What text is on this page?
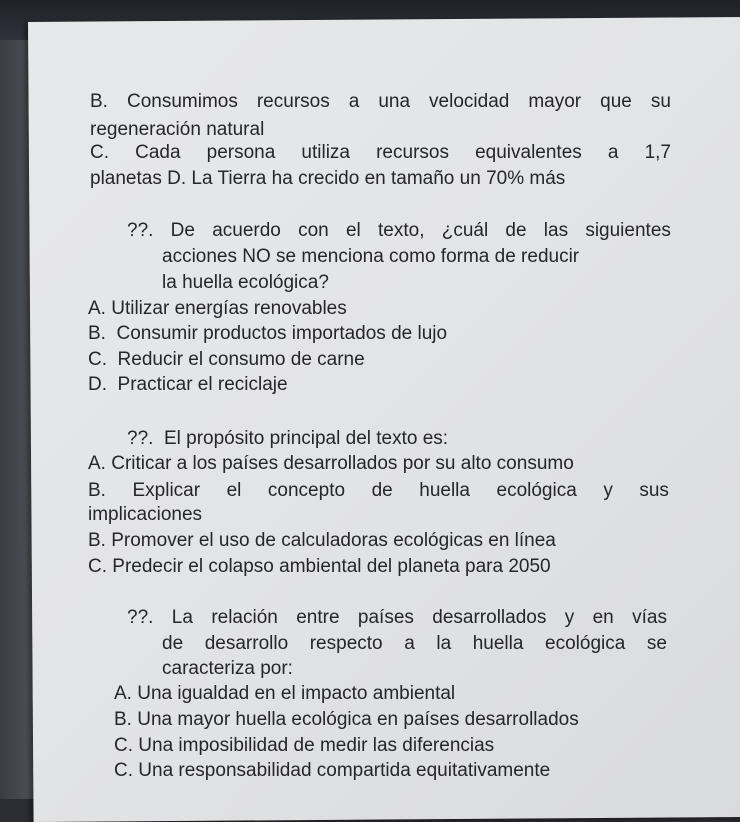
B. Consumimos recursos a una velocidad mayor que su
regeneración natural
C. Cada persona utiliza recursos equivalentes a 1,7
planetas D. La Tierra ha crecido en tamaño un 70% más
??. De acuerdo con el texto, ¿cuál de las siguientes
acciones NO se menciona como forma de reducir
la huella ecológica?
A. Utilizar energías renovables
B.  Consumir productos importados de lujo
C.  Reducir el consumo de carne
D.  Practicar el reciclaje
??.  El propósito principal del texto es:
A. Criticar a los países desarrollados por su alto consumo
B. Explicar el concepto de huella ecológica y sus
implicaciones
B. Promover el uso de calculadoras ecológicas en línea
C. Predecir el colapso ambiental del planeta para 2050
??. La relación entre países desarrollados y en vías
de desarrollo respecto a la huella ecológica se
caracteriza por:
A. Una igualdad en el impacto ambiental
B. Una mayor huella ecológica en países desarrollados
C. Una imposibilidad de medir las diferencias
C. Una responsabilidad compartida equitativamente
